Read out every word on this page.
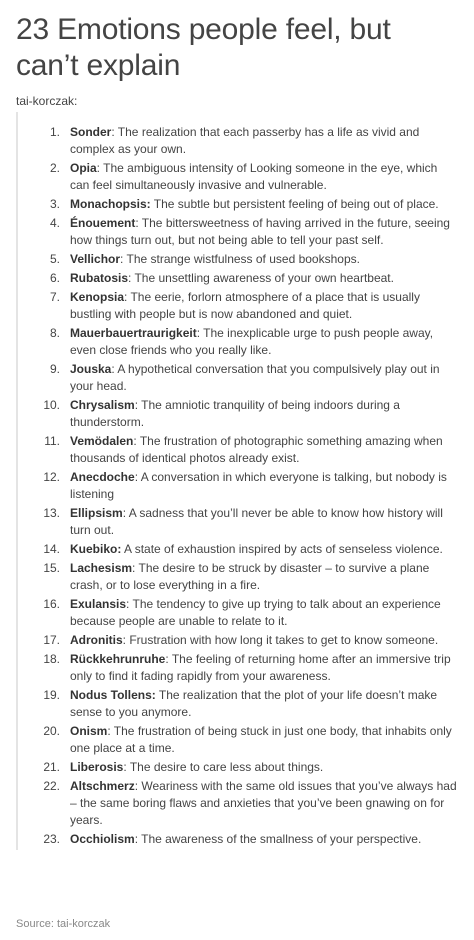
23 Emotions people feel, but can’t explain
tai-korczak:
1. Sonder: The realization that each passerby has a life as vivid and complex as your own.
2. Opia: The ambiguous intensity of Looking someone in the eye, which can feel simultaneously invasive and vulnerable.
3. Monachopsis: The subtle but persistent feeling of being out of place.
4. Énouement: The bittersweetness of having arrived in the future, seeing how things turn out, but not being able to tell your past self.
5. Vellichor: The strange wistfulness of used bookshops.
6. Rubatosis: The unsettling awareness of your own heartbeat.
7. Kenopsia: The eerie, forlorn atmosphere of a place that is usually bustling with people but is now abandoned and quiet.
8. Mauerbauertraurigkeit: The inexplicable urge to push people away, even close friends who you really like.
9. Jouska: A hypothetical conversation that you compulsively play out in your head.
10. Chrysalism: The amniotic tranquility of being indoors during a thunderstorm.
11. Vemödalen: The frustration of photographic something amazing when thousands of identical photos already exist.
12. Anecdoche: A conversation in which everyone is talking, but nobody is listening
13. Ellipsism: A sadness that you’ll never be able to know how history will turn out.
14. Kuebiko: A state of exhaustion inspired by acts of senseless violence.
15. Lachesism: The desire to be struck by disaster – to survive a plane crash, or to lose everything in a fire.
16. Exulansis: The tendency to give up trying to talk about an experience because people are unable to relate to it.
17. Adronitis: Frustration with how long it takes to get to know someone.
18. Rückkehrunruhe: The feeling of returning home after an immersive trip only to find it fading rapidly from your awareness.
19. Nodus Tollens: The realization that the plot of your life doesn’t make sense to you anymore.
20. Onism: The frustration of being stuck in just one body, that inhabits only one place at a time.
21. Liberosis: The desire to care less about things.
22. Altschmerz: Weariness with the same old issues that you’ve always had – the same boring flaws and anxieties that you’ve been gnawing on for years.
23. Occhiolism: The awareness of the smallness of your perspective.
Source: tai-korczak
